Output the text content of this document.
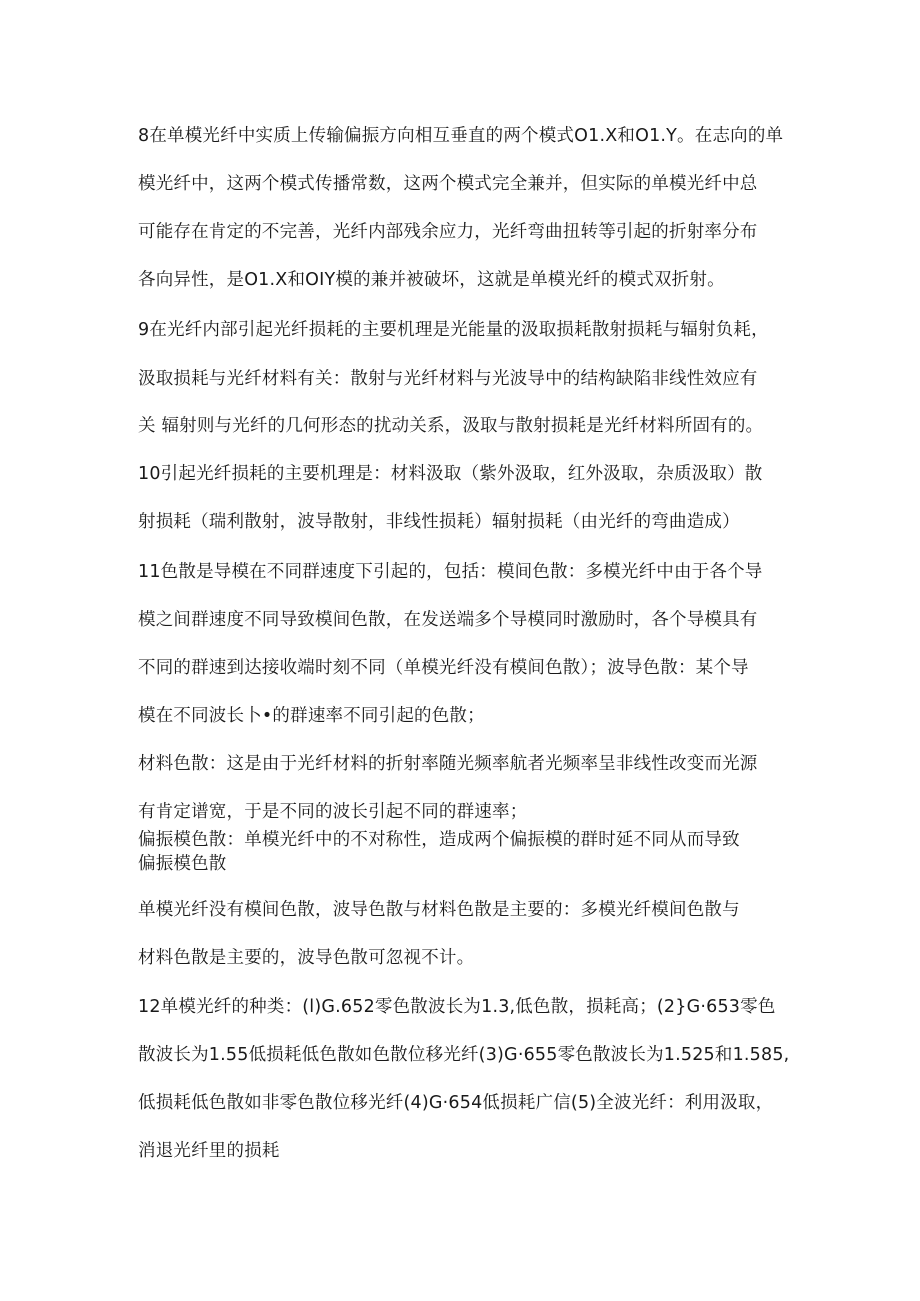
8在单模光纤中实质上传输偏振方向相互垂直的两个模式O1.X和O1.Y。在志向的单
模光纤中，这两个模式传播常数，这两个模式完全兼并，但实际的单模光纤中总
可能存在肯定的不完善，光纤内部残余应力，光纤弯曲扭转等引起的折射率分布
各向异性，是O1.X和OIY模的兼并被破坏，这就是单模光纤的模式双折射。
9在光纤内部引起光纤损耗的主要机理是光能量的汲取损耗散射损耗与辐射负耗，
汲取损耗与光纤材料有关：散射与光纤材料与光波导中的结构缺陷非线性效应有
关 辐射则与光纤的几何形态的扰动关系，汲取与散射损耗是光纤材料所固有的。
10引起光纤损耗的主要机理是：材料汲取（紫外汲取，红外汲取，杂质汲取）散
射损耗（瑞利散射，波导散射，非线性损耗）辐射损耗（由光纤的弯曲造成）
11色散是导模在不同群速度下引起的，包括：模间色散：多模光纤中由于各个导
模之间群速度不同导致模间色散，在发送端多个导模同时激励时，各个导模具有
不同的群速到达接收端时刻不同（单模光纤没有模间色散）；波导色散：某个导
模在不同波长卜•的群速率不同引起的色散；
材料色散：这是由于光纤材料的折射率随光频率航者光频率呈非线性改变而光源
有肯定谱宽，于是不同的波长引起不同的群速率；
偏振模色散：单模光纤中的不对称性，造成两个偏振模的群时延不同从而导致
偏振模色散
单模光纤没有模间色散，波导色散与材料色散是主要的：多模光纤模间色散与
材料色散是主要的，波导色散可忽视不计。
12单模光纤的种类：(l)G.652零色散波长为1.3,低色散，损耗高；(2}G·653零色
散波长为1.55低损耗低色散如色散位移光纤(3)G·655零色散波长为1.525和1.585,
低损耗低色散如非零色散位移光纤(4)G·654低损耗广信(5)全波光纤：利用汲取，
消退光纤里的损耗
